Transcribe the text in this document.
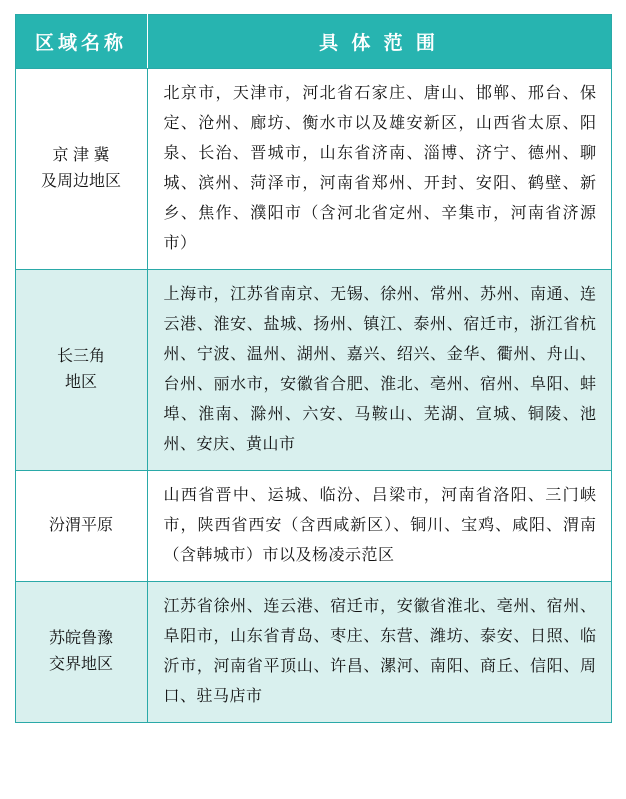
区域名称	具 体 范 围

京 津 冀
及周边地区	北京市，天津市，河北省石家庄、唐山、邯郸、邢台、保定、沧州、廊坊、衡水市以及雄安新区，山西省太原、阳泉、长治、晋城市，山东省济南、淄博、济宁、德州、聊城、滨州、菏泽市，河南省郑州、开封、安阳、鹤壁、新乡、焦作、濮阳市（含河北省定州、辛集市，河南省济源市）

长三角
地区	上海市，江苏省南京、无锡、徐州、常州、苏州、南通、连云港、淮安、盐城、扬州、镇江、泰州、宿迁市，浙江省杭州、宁波、温州、湖州、嘉兴、绍兴、金华、衢州、舟山、台州、丽水市，安徽省合肥、淮北、亳州、宿州、阜阳、蚌埠、淮南、滁州、六安、马鞍山、芜湖、宣城、铜陵、池州、安庆、黄山市

汾渭平原	山西省晋中、运城、临汾、吕梁市，河南省洛阳、三门峡市，陕西省西安（含西咸新区）、铜川、宝鸡、咸阳、渭南（含韩城市）市以及杨凌示范区

苏皖鲁豫
交界地区	江苏省徐州、连云港、宿迁市，安徽省淮北、亳州、宿州、阜阳市，山东省青岛、枣庄、东营、潍坊、泰安、日照、临沂市，河南省平顶山、许昌、漯河、南阳、商丘、信阳、周口、驻马店市
